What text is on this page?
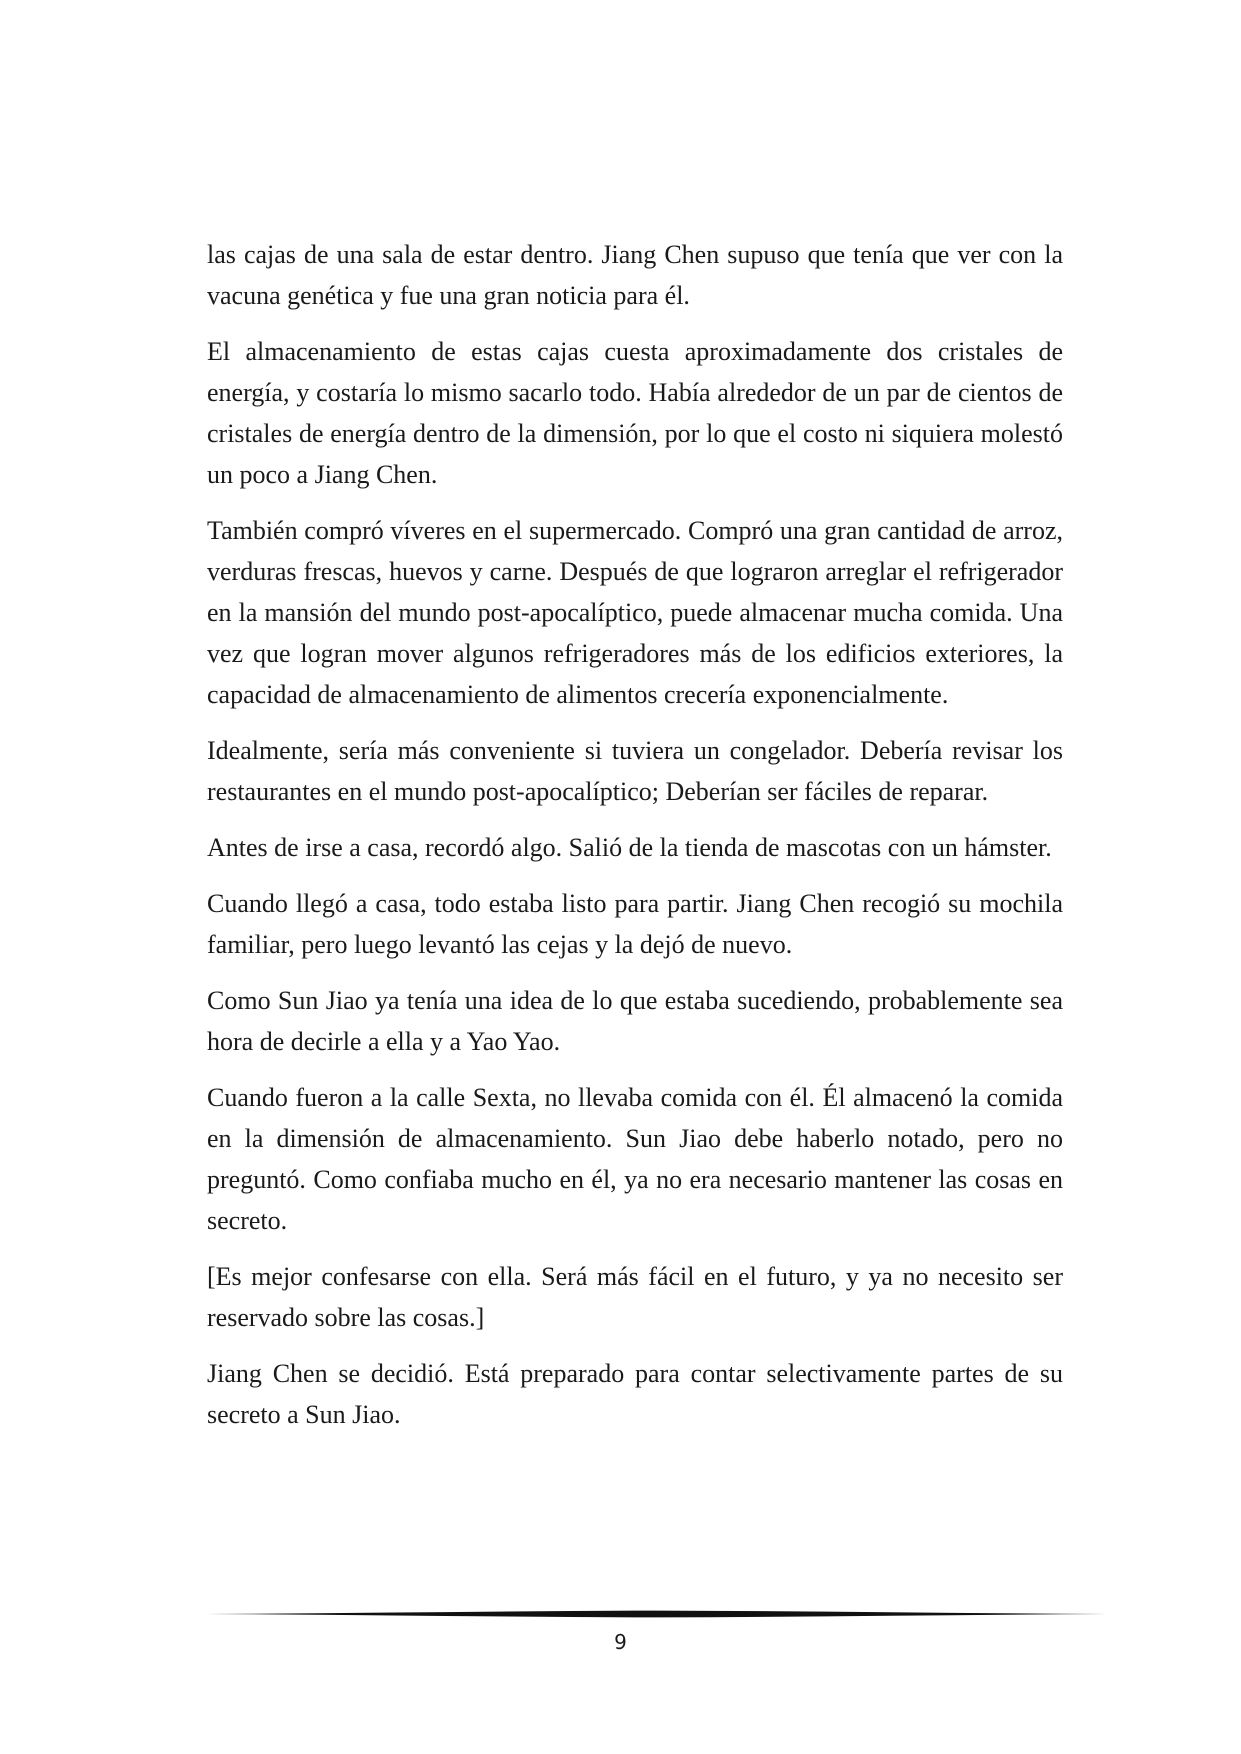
las cajas de una sala de estar dentro. Jiang Chen supuso que tenía que ver con la vacuna genética y fue una gran noticia para él.

El almacenamiento de estas cajas cuesta aproximadamente dos cristales de energía, y costaría lo mismo sacarlo todo. Había alrededor de un par de cientos de cristales de energía dentro de la dimensión, por lo que el costo ni siquiera molestó un poco a Jiang Chen.

También compró víveres en el supermercado. Compró una gran cantidad de arroz, verduras frescas, huevos y carne. Después de que lograron arreglar el refrigerador en la mansión del mundo post-apocalíptico, puede almacenar mucha comida. Una vez que logran mover algunos refrigeradores más de los edificios exteriores, la capacidad de almacenamiento de alimentos crecería exponencialmente.

Idealmente, sería más conveniente si tuviera un congelador. Debería revisar los restaurantes en el mundo post-apocalíptico; Deberían ser fáciles de reparar.

Antes de irse a casa, recordó algo. Salió de la tienda de mascotas con un hámster.

Cuando llegó a casa, todo estaba listo para partir. Jiang Chen recogió su mochila familiar, pero luego levantó las cejas y la dejó de nuevo.

Como Sun Jiao ya tenía una idea de lo que estaba sucediendo, probablemente sea hora de decirle a ella y a Yao Yao.

Cuando fueron a la calle Sexta, no llevaba comida con él. Él almacenó la comida en la dimensión de almacenamiento. Sun Jiao debe haberlo notado, pero no preguntó. Como confiaba mucho en él, ya no era necesario mantener las cosas en secreto.

[Es mejor confesarse con ella. Será más fácil en el futuro, y ya no necesito ser reservado sobre las cosas.]

Jiang Chen se decidió. Está preparado para contar selectivamente partes de su secreto a Sun Jiao.

9
